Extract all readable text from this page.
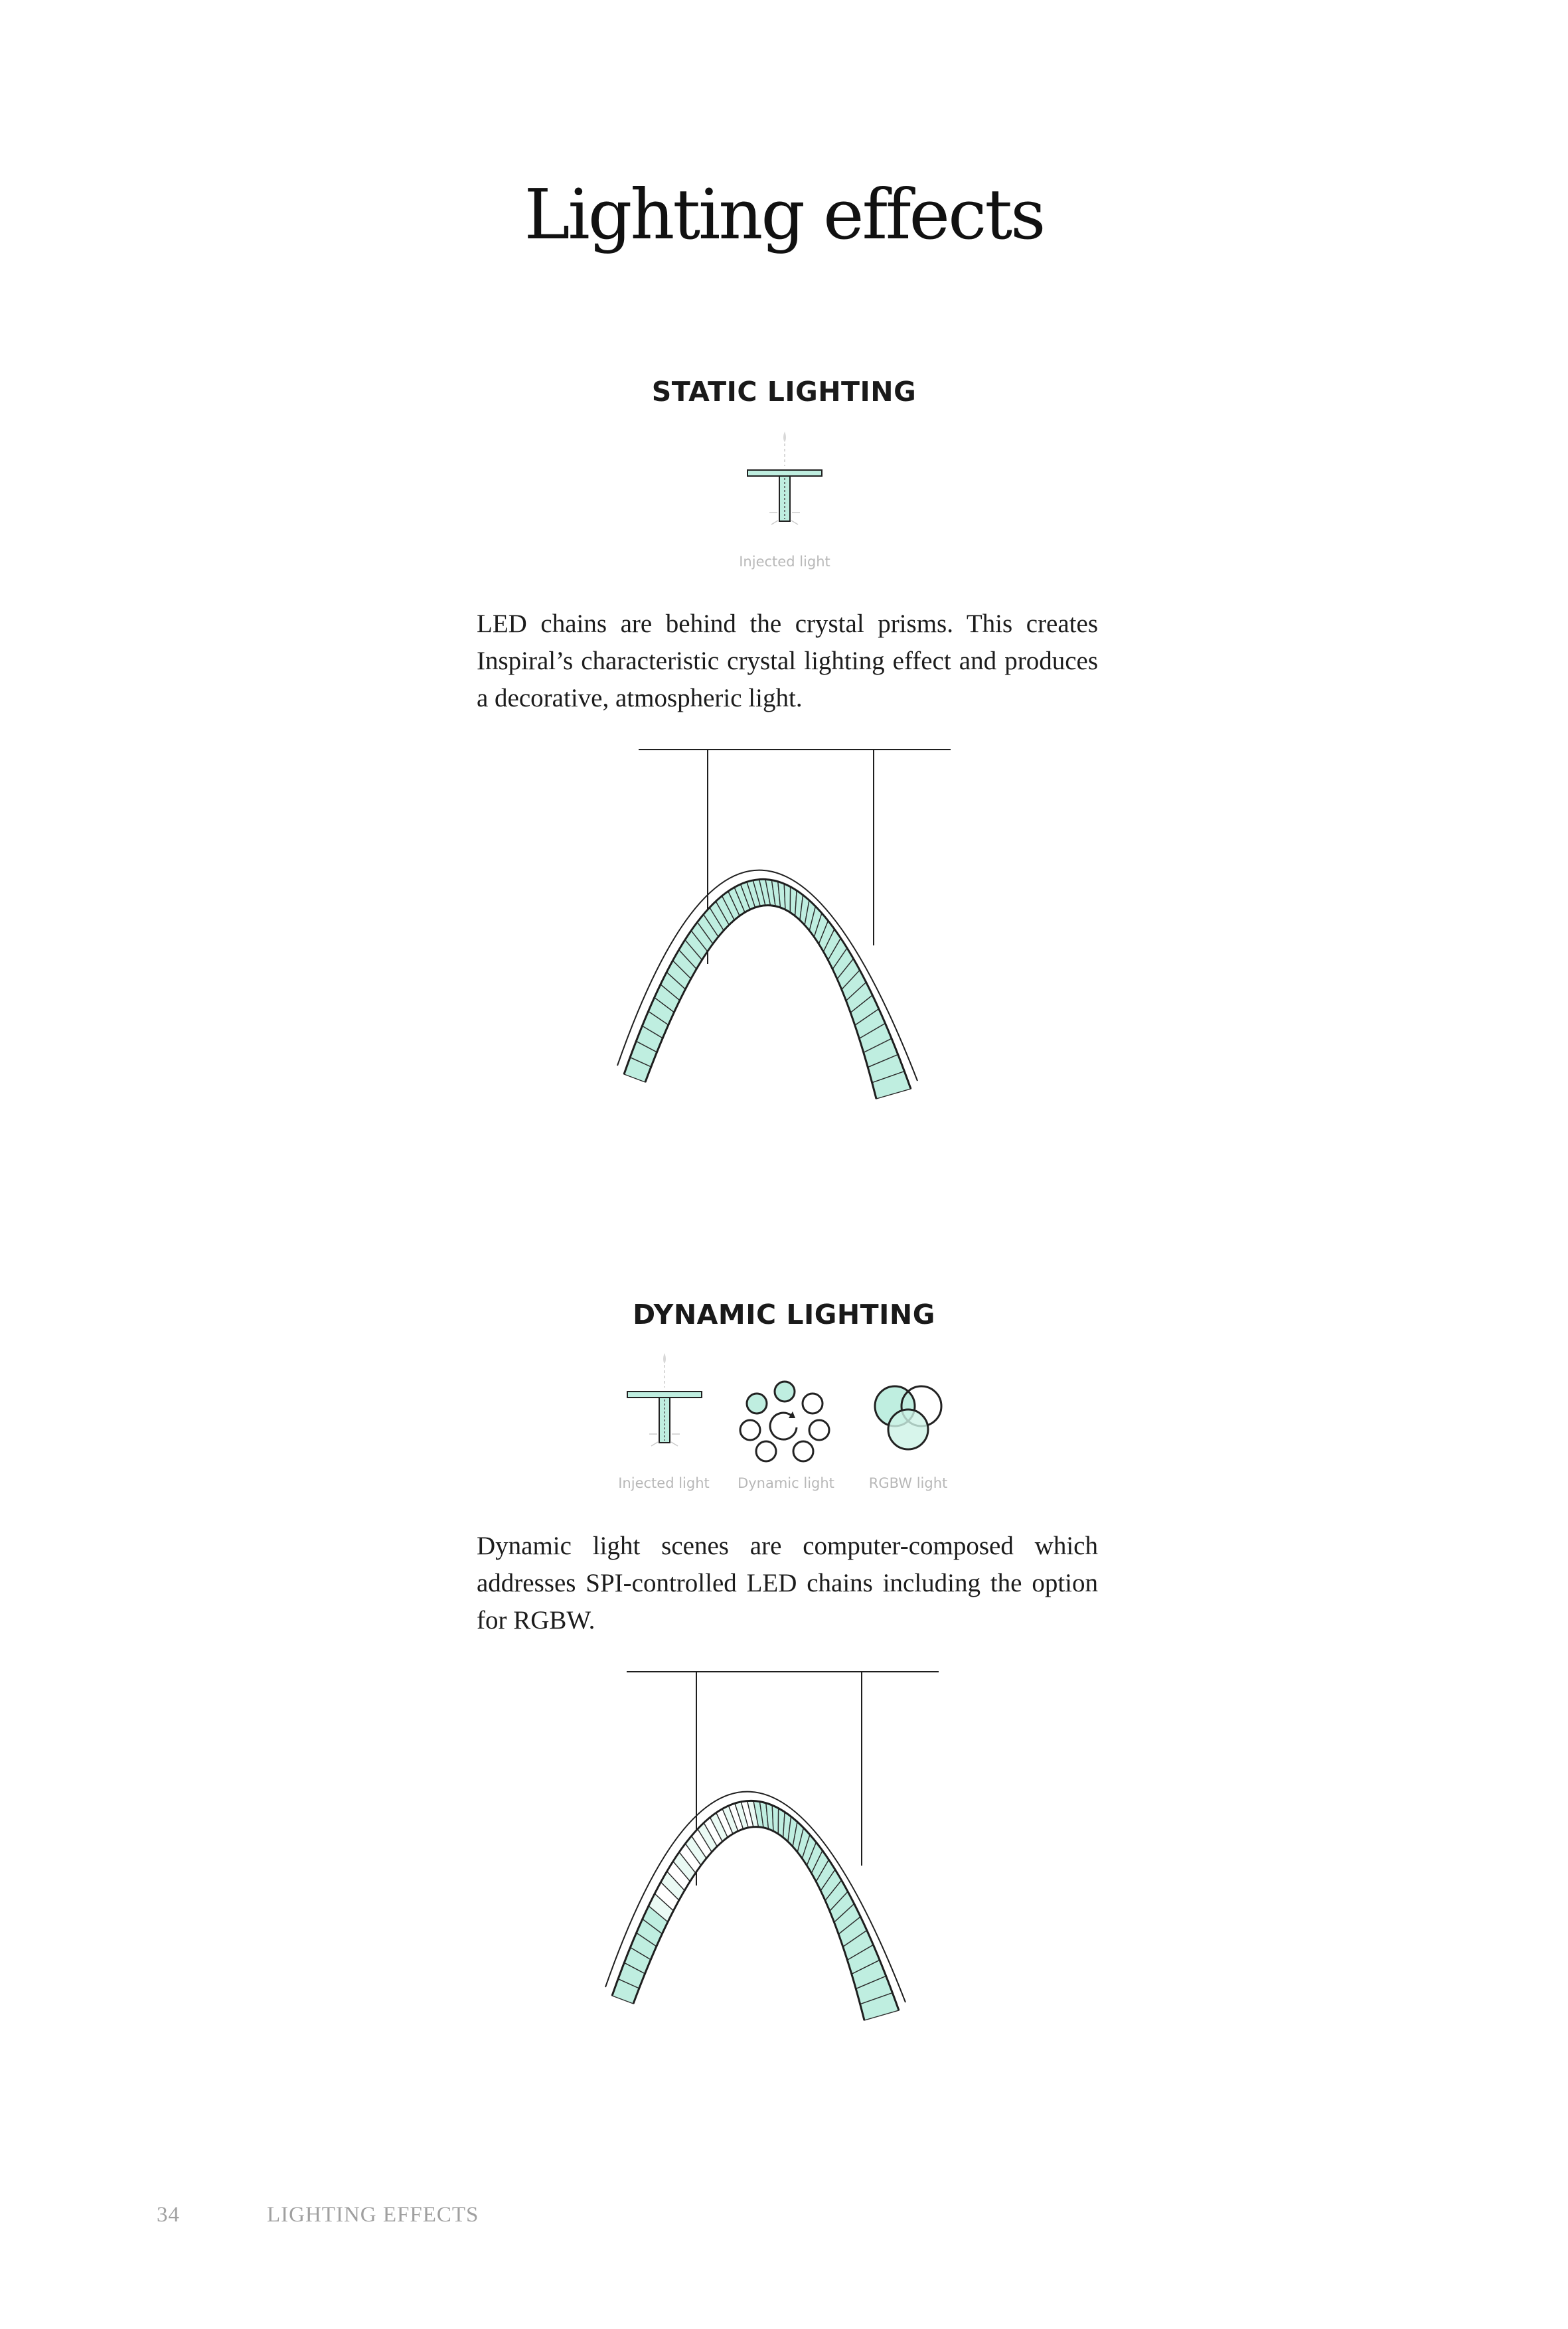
Lighting effects
STATIC LIGHTING
Injected light

LED chains are behind the crystal prisms. This creates Inspiral’s characteristic crystal lighting effect and produces a decorative, atmospheric light.

DYNAMIC LIGHTING
Injected light	Dynamic light	RGBW light

Dynamic light scenes are computer-composed which addresses SPI-controlled LED chains including the option for RGBW.

34	LIGHTING EFFECTS
